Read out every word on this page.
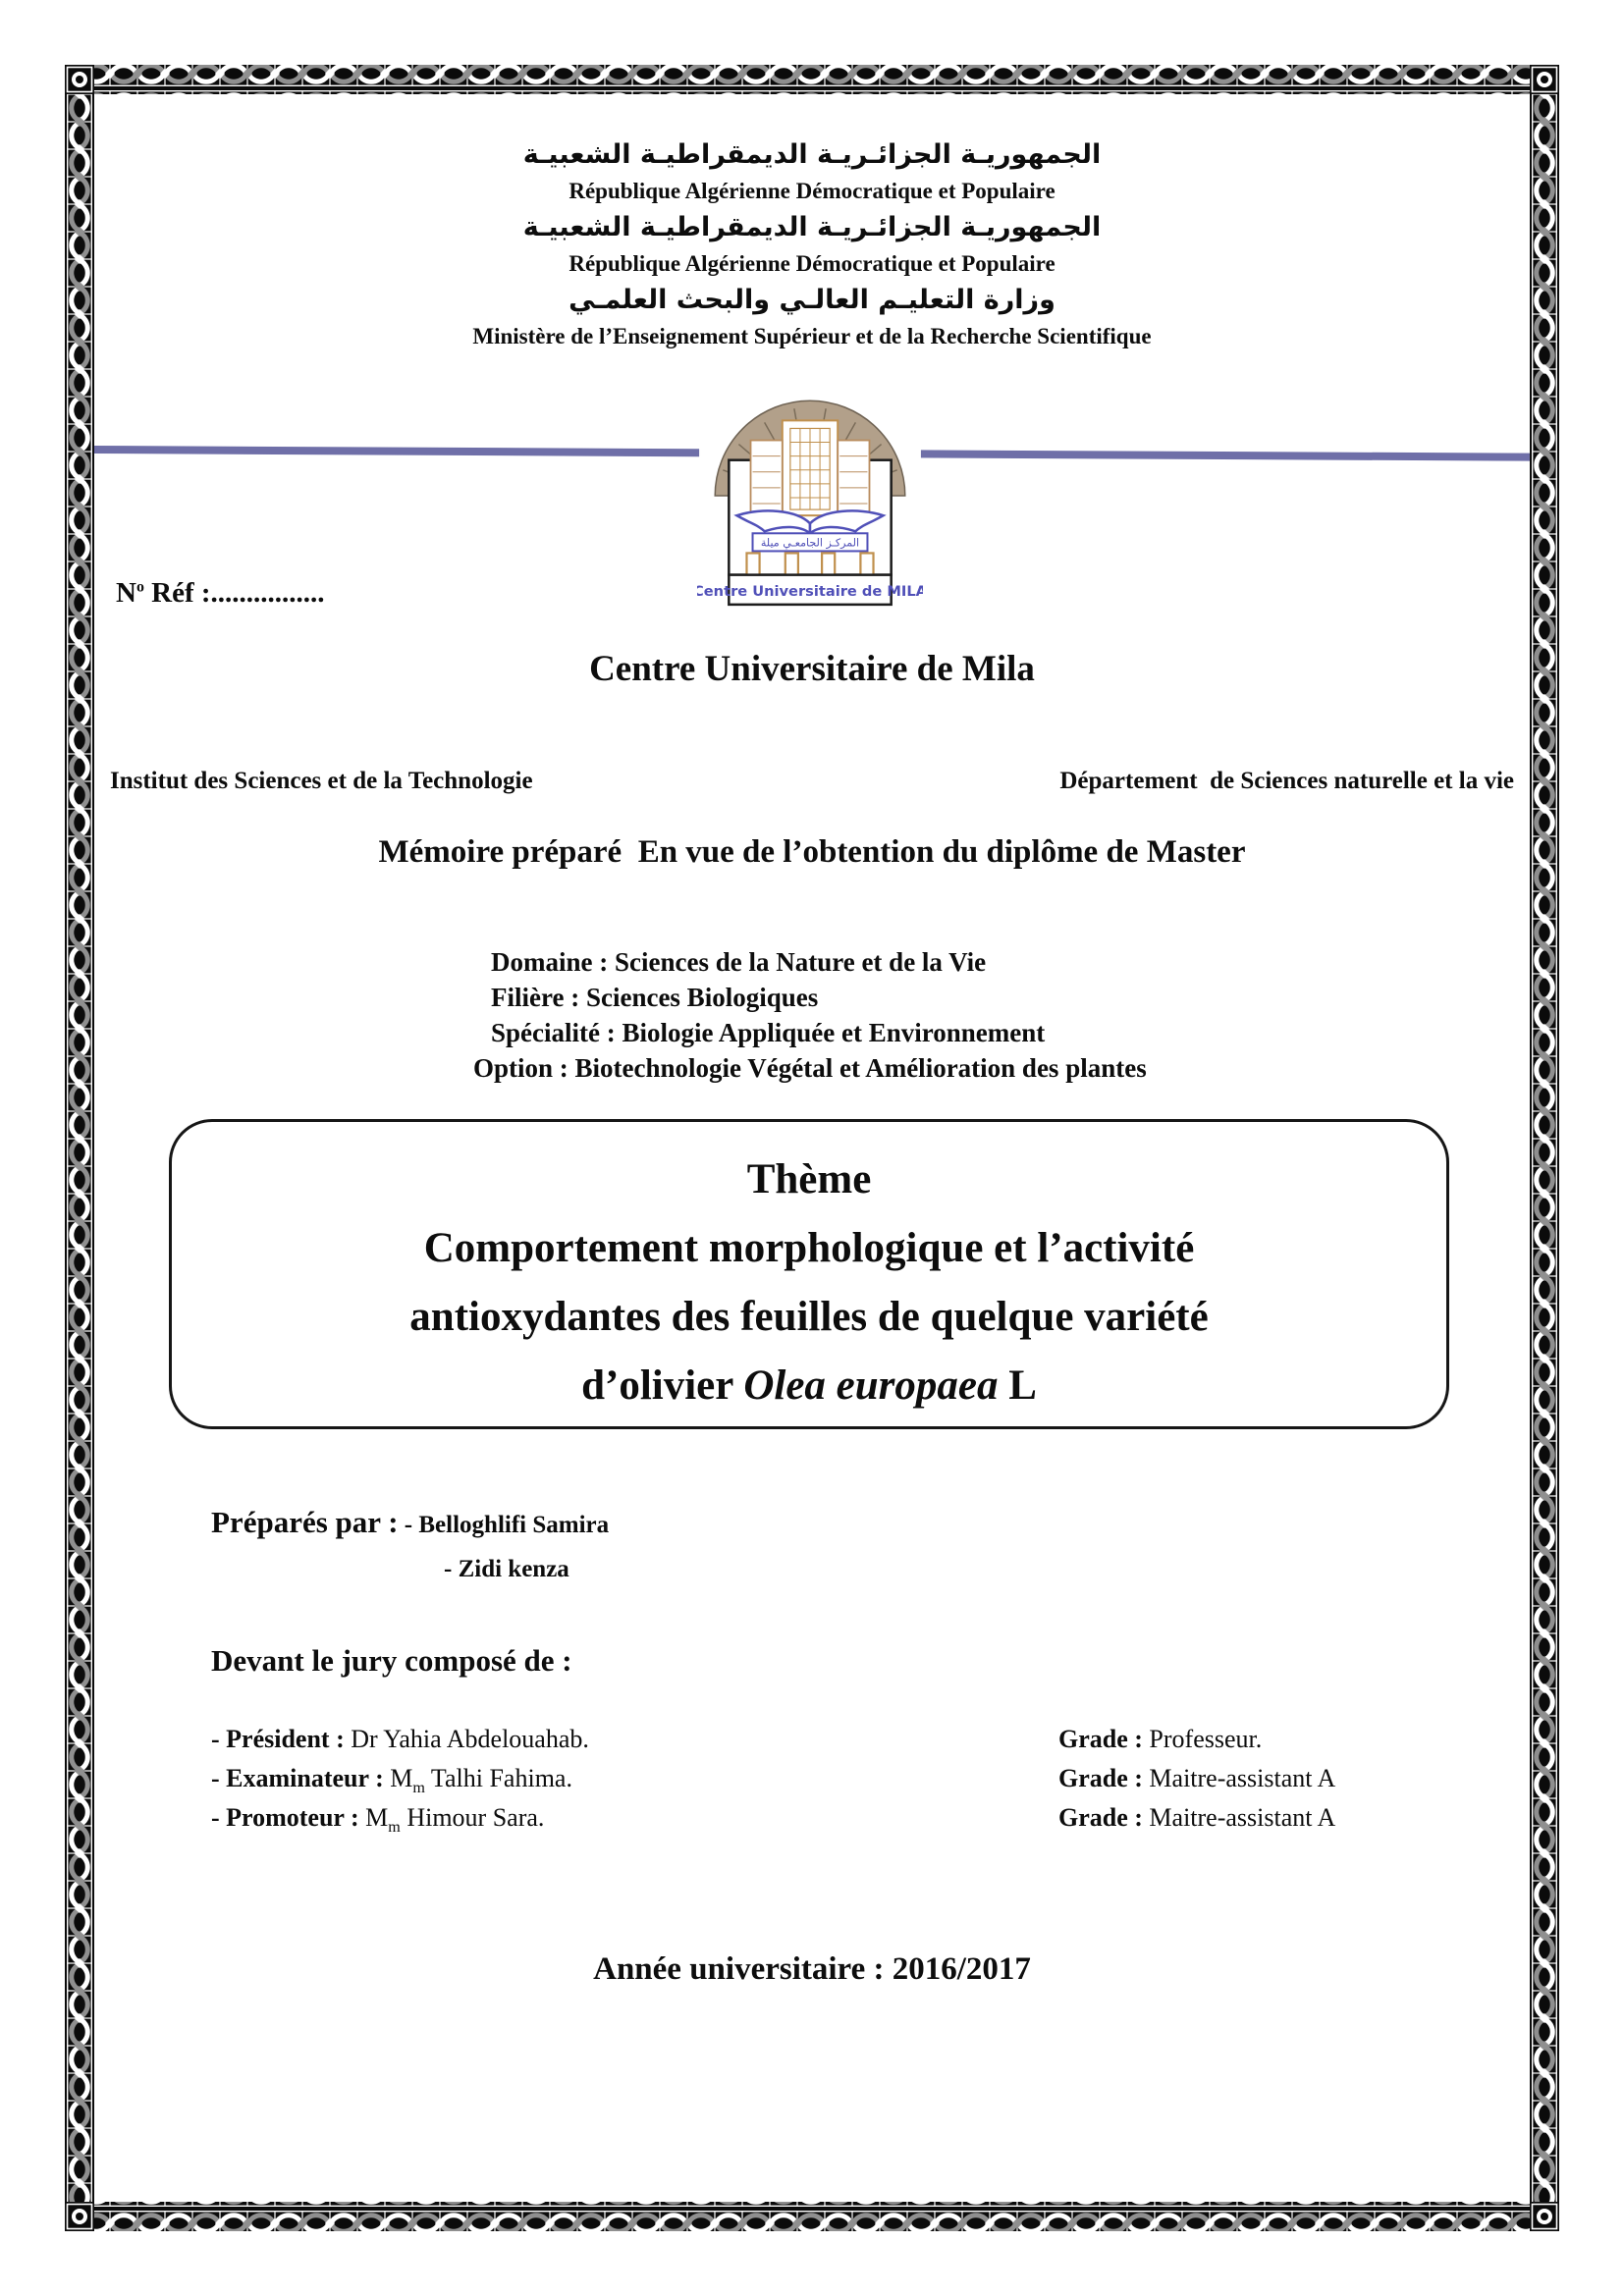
الجمهوريـة الجزائـريـة الديمقراطيـة الشعبيـة
République Algérienne Démocratique et Populaire
الجمهوريـة الجزائـريـة الديمقراطيـة الشعبيـة
République Algérienne Démocratique et Populaire
وزارة التعليـم العالـي والبحث العلمـي
Ministère de l’Enseignement Supérieur et de la Recherche Scientifique
المركـز الجامعـي ميلة
Centre Universitaire de MILA
$N^o$ Réf :................
Centre Universitaire de Mila
Institut des Sciences et de la Technologie	Département  de Sciences naturelle et la vie
Mémoire préparé  En vue de l’obtention du diplôme de Master
Domaine : Sciences de la Nature et de la Vie
Filière : Sciences Biologiques
Spécialité : Biologie Appliquée et Environnement
Option : Biotechnologie Végétal et Amélioration des plantes
Thème
Comportement morphologique et l’activité
antioxydantes des feuilles de quelque variété
d’olivier Olea europaea L
Préparés par : - Belloghlifi Samira
- Zidi kenza
Devant le jury composé de :
- Président : Dr Yahia Abdelouahab.	Grade : Professeur.
- Examinateur : $M_m$ Talhi Fahima.	Grade : Maitre-assistant A
- Promoteur : $M_m$ Himour Sara.	Grade : Maitre-assistant A
Année universitaire : 2016/2017
